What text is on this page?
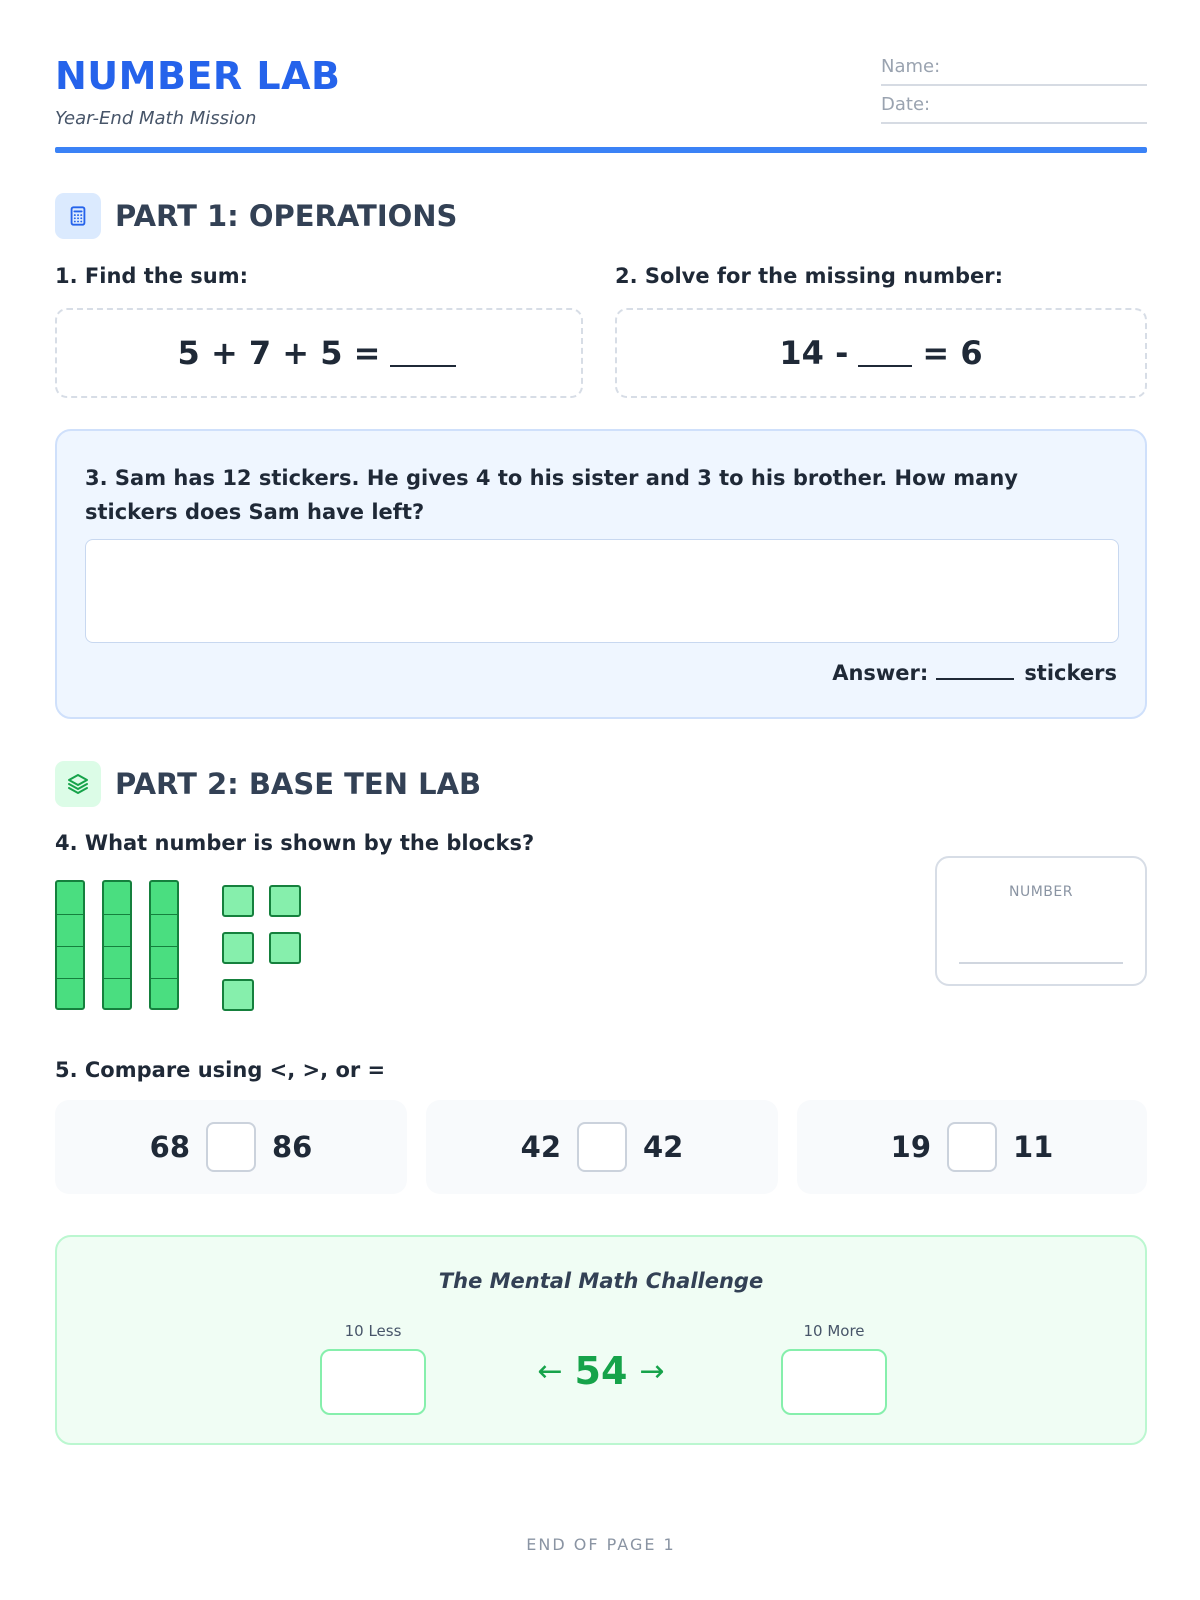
NUMBER LAB
Year-End Math Mission
Name:
Date:
PART 1: OPERATIONS
1. Find the sum:	2. Solve for the missing number:
5 + 7 + 5 =	14 - = 6
3. Sam has 12 stickers. He gives 4 to his sister and 3 to his brother. How many stickers does Sam have left?
Answer:	stickers
PART 2: BASE TEN LAB
4. What number is shown by the blocks?
NUMBER
5. Compare using <, >, or =
68	86	42	42	19	11
The Mental Math Challenge
10 Less
← 54 →
10 More
END OF PAGE 1
